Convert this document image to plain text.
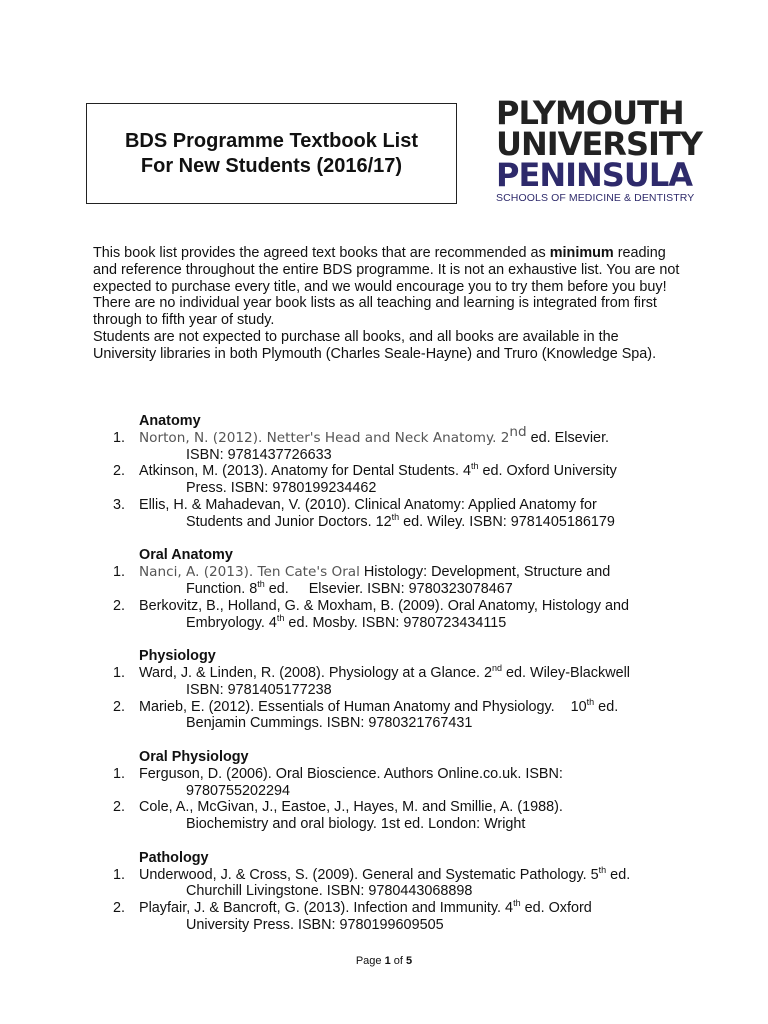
BDS Programme Textbook List
For New Students (2016/17)
PLYMOUTH
UNIVERSITY
PENINSULA
SCHOOLS OF MEDICINE & DENTISTRY

This book list provides the agreed text books that are recommended as minimum reading and reference throughout the entire BDS programme. It is not an exhaustive list. You are not expected to purchase every title, and we would encourage you to try them before you buy!

There are no individual year book lists as all teaching and learning is integrated from first through to fifth year of study.

Students are not expected to purchase all books, and all books are available in the University libraries in both Plymouth (Charles Seale-Hayne) and Truro (Knowledge Spa).

Anatomy
1. Norton, N. (2012). Netter's Head and Neck Anatomy. 2nd ed. Elsevier.
ISBN: 9781437726633
2. Atkinson, M. (2013). Anatomy for Dental Students. 4th ed. Oxford University
Press. ISBN: 9780199234462
3. Ellis, H. & Mahadevan, V. (2010). Clinical Anatomy: Applied Anatomy for
Students and Junior Doctors. 12th ed. Wiley. ISBN: 9781405186179
Oral Anatomy
1. Nanci, A. (2013). Ten Cate's Oral Histology: Development, Structure and
Function. 8th ed.     Elsevier. ISBN: 9780323078467
2. Berkovitz, B., Holland, G. & Moxham, B. (2009). Oral Anatomy, Histology and
Embryology. 4th ed. Mosby. ISBN: 9780723434115
Physiology
1. Ward, J. & Linden, R. (2008). Physiology at a Glance. 2nd ed. Wiley-Blackwell
ISBN: 9781405177238
2. Marieb, E. (2012). Essentials of Human Anatomy and Physiology.    10th ed.
Benjamin Cummings. ISBN: 9780321767431
Oral Physiology
1. Ferguson, D. (2006). Oral Bioscience. Authors Online.co.uk. ISBN:
9780755202294
2. Cole, A., McGivan, J., Eastoe, J., Hayes, M. and Smillie, A. (1988).
Biochemistry and oral biology. 1st ed. London: Wright
Pathology
1. Underwood, J. & Cross, S. (2009). General and Systematic Pathology. 5th ed.
Churchill Livingstone. ISBN: 9780443068898
2. Playfair, J. & Bancroft, G. (2013). Infection and Immunity. 4th ed. Oxford
University Press. ISBN: 9780199609505
Page 1 of 5
